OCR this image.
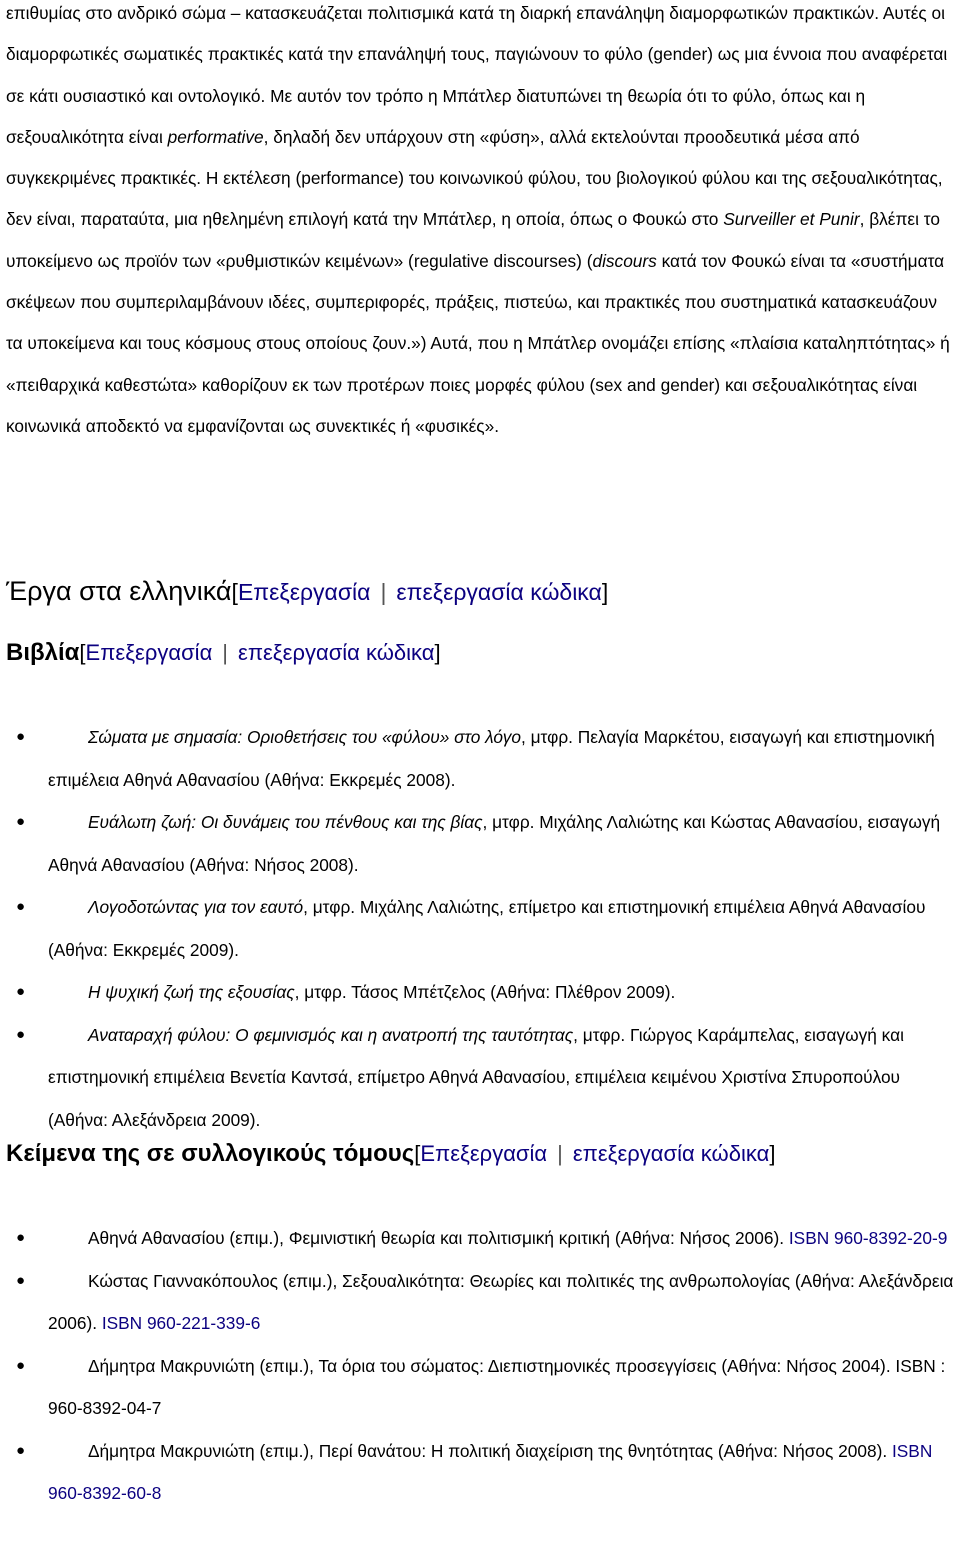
επιθυμίας στο ανδρικό σώμα – κατασκευάζεται πολιτισμικά κατά τη διαρκή επανάληψη διαμορφωτικών πρακτικών. Αυτές οι διαμορφωτικές σωματικές πρακτικές κατά την επανάληψή τους, παγιώνουν το φύλο (gender) ως μια έννοια που αναφέρεται σε κάτι ουσιαστικό και οντολογικό. Με αυτόν τον τρόπο η Μπάτλερ διατυπώνει τη θεωρία ότι το φύλο, όπως και η σεξουαλικότητα είναι performative, δηλαδή δεν υπάρχουν στη «φύση», αλλά εκτελούνται προοδευτικά μέσα από συγκεκριμένες πρακτικές. Η εκτέλεση (performance) του κοινωνικού φύλου, του βιολογικού φύλου και της σεξουαλικότητας, δεν είναι, παραταύτα, μια ηθελημένη επιλογή κατά την Μπάτλερ, η οποία, όπως ο Φουκώ στο Surveiller et Punir, βλέπει το υποκείμενο ως προϊόν των «ρυθμιστικών κειμένων» (regulative discourses) (discours κατά τον Φουκώ είναι τα «συστήματα σκέψεων που συμπεριλαμβάνουν ιδέες, συμπεριφορές, πράξεις, πιστεύω, και πρακτικές που συστηματικά κατασκευάζουν τα υποκείμενα και τους κόσμους στους οποίους ζουν.») Αυτά, που η Μπάτλερ ονομάζει επίσης «πλαίσια καταληπτότητας» ή «πειθαρχικά καθεστώτα» καθορίζουν εκ των προτέρων ποιες μορφές φύλου (sex and gender) και σεξουαλικότητας είναι κοινωνικά αποδεκτό να εμφανίζονται ως συνεκτικές ή «φυσικές».

Έργα στα ελληνικά[Επεξεργασία | επεξεργασία κώδικα]
Βιβλία[Επεξεργασία | επεξεργασία κώδικα]
●	Σώματα με σημασία: Οριοθετήσεις του «φύλου» στο λόγο, μτφρ. Πελαγία Μαρκέτου, εισαγωγή και επιστημονική επιμέλεια Αθηνά Αθανασίου (Αθήνα: Εκκρεμές 2008).
●	Ευάλωτη ζωή: Οι δυνάμεις του πένθους και της βίας, μτφρ. Μιχάλης Λαλιώτης και Κώστας Αθανασίου, εισαγωγή Αθηνά Αθανασίου (Αθήνα: Νήσος 2008).
●	Λογοδοτώντας για τον εαυτό, μτφρ. Μιχάλης Λαλιώτης, επίμετρο και επιστημονική επιμέλεια Αθηνά Αθανασίου (Αθήνα: Εκκρεμές 2009).
●	Η ψυχική ζωή της εξουσίας, μτφρ. Τάσος Μπέτζελος (Αθήνα: Πλέθρον 2009).
●	Αναταραχή φύλου: Ο φεμινισμός και η ανατροπή της ταυτότητας, μτφρ. Γιώργος Καράμπελας, εισαγωγή και επιστημονική επιμέλεια Βενετία Καντσά, επίμετρο Αθηνά Αθανασίου, επιμέλεια κειμένου Χριστίνα Σπυροπούλου (Αθήνα: Αλεξάνδρεια 2009).
Κείμενα της σε συλλογικούς τόμους[Επεξεργασία | επεξεργασία κώδικα]
●	Αθηνά Αθανασίου (επιμ.), Φεμινιστική θεωρία και πολιτισμική κριτική (Αθήνα: Νήσος 2006). ISBN 960-8392-20-9
●	Κώστας Γιαννακόπουλος (επιμ.), Σεξουαλικότητα: Θεωρίες και πολιτικές της ανθρωπολογίας (Αθήνα: Αλεξάνδρεια 2006). ISBN 960-221-339-6
●	Δήμητρα Μακρυνιώτη (επιμ.), Τα όρια του σώματος: Διεπιστημονικές προσεγγίσεις (Αθήνα: Νήσος 2004). ISBN : 960-8392-04-7
●	Δήμητρα Μακρυνιώτη (επιμ.), Περί θανάτου: Η πολιτική διαχείριση της θνητότητας (Αθήνα: Νήσος 2008). ISBN 960-8392-60-8
